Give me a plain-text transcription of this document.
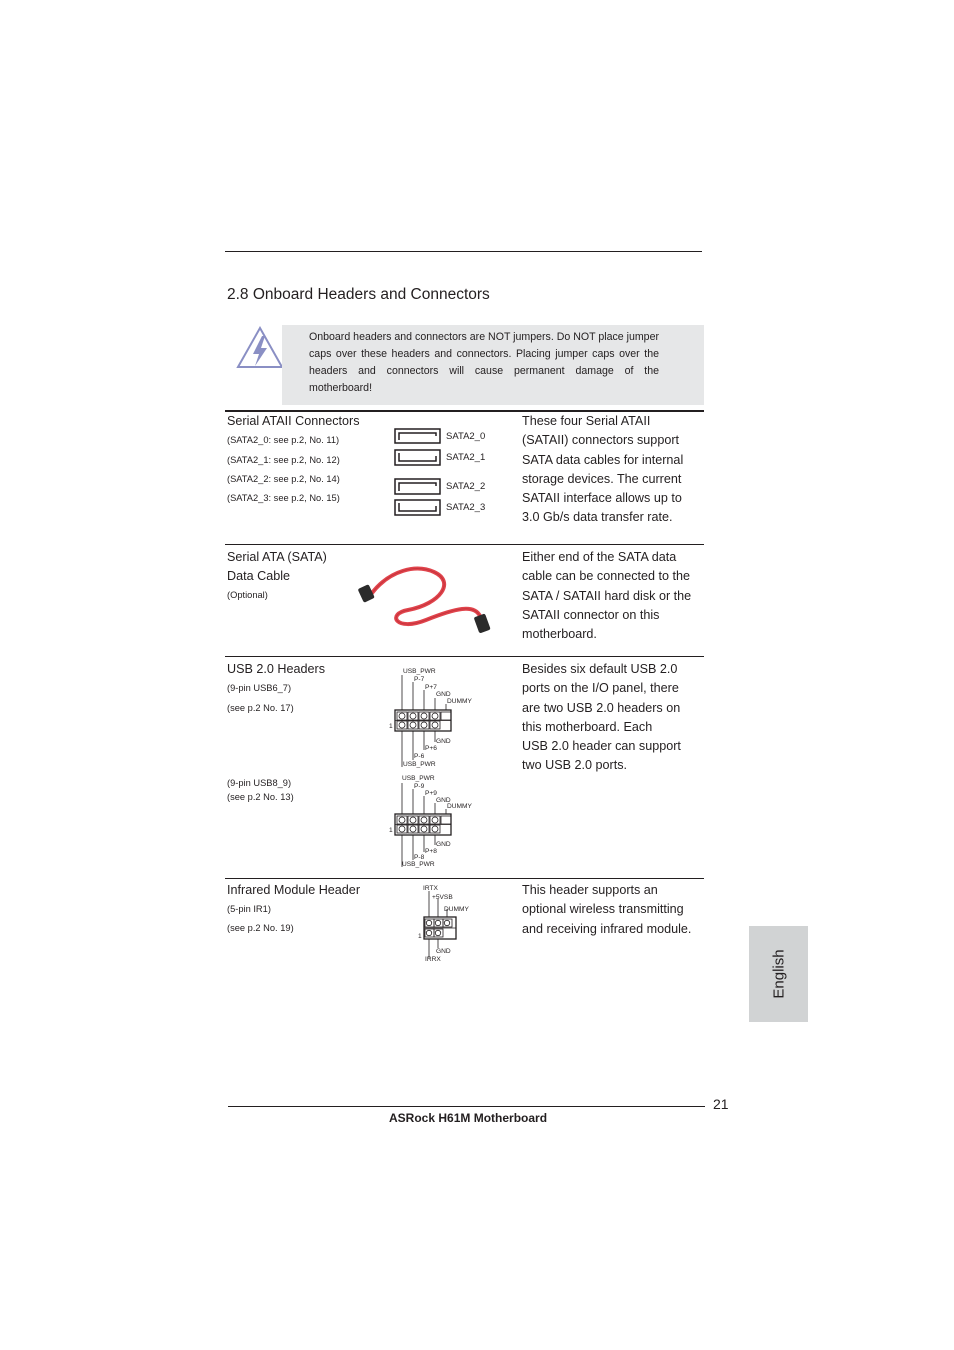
2.8 Onboard Headers and Connectors
Onboard headers and connectors are NOT jumpers. Do NOT place jumper caps over these headers and connectors. Placing jumper caps over the headers and connectors will cause permanent damage of the motherboard!
Serial ATAII Connectors
(SATA2_0: see p.2, No. 11)
(SATA2_1: see p.2, No. 12)
(SATA2_2: see p.2, No. 14)
(SATA2_3: see p.2, No. 15)
SATA2_0
SATA2_1
SATA2_2
SATA2_3
These four Serial ATAII
(SATAII) connectors support
SATA data cables for internal
storage devices. The current
SATAII interface allows up to
3.0 Gb/s data transfer rate.
Serial ATA (SATA)
Data Cable
(Optional)
Either end of the SATA data
cable can be connected to the
SATA / SATAII hard disk or the
SATAII connector on this
motherboard.
USB 2.0 Headers
(9-pin USB6_7)
(see p.2 No. 17)
(9-pin USB8_9)
(see p.2 No. 13)
USB_PWR
P-7
P+7
GND
DUMMY
GND
P+6
P-6
USB_PWR
1
USB_PWR
P-9
P+9
GND
DUMMY
GND
P+8
P-8
USB_PWR
1
Besides six default USB 2.0
ports on the I/O panel, there
are two USB 2.0 headers on
this motherboard. Each
USB 2.0 header can support
two USB 2.0 ports.
Infrared Module Header
(5-pin IR1)
(see p.2 No. 19)
IRTX
+5VSB
DUMMY
GND
IRRX
1
This header supports an
optional wireless transmitting
and receiving infrared module.
English
21
ASRock H61M Motherboard
